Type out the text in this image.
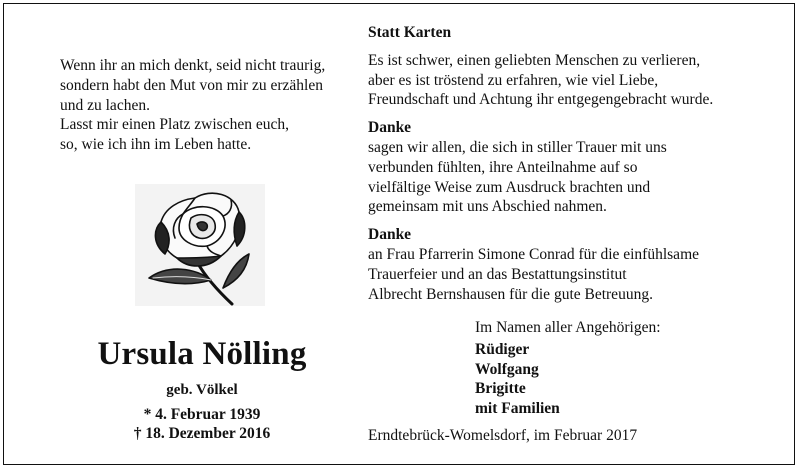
Wenn ihr an mich denkt, seid nicht traurig,
sondern habt den Mut von mir zu erzählen
und zu lachen.
Lasst mir einen Platz zwischen euch,
so, wie ich ihn im Leben hatte.
Ursula Nölling
geb. Völkel
* 4. Februar 1939
† 18. Dezember 2016
Statt Karten
Es ist schwer, einen geliebten Menschen zu verlieren,
aber es ist tröstend zu erfahren, wie viel Liebe,
Freundschaft und Achtung ihr entgegengebracht wurde.
Danke
sagen wir allen, die sich in stiller Trauer mit uns
verbunden fühlten, ihre Anteilnahme auf so
vielfältige Weise zum Ausdruck brachten und
gemeinsam mit uns Abschied nahmen.
Danke
an Frau Pfarrerin Simone Conrad für die einfühlsame
Trauerfeier und an das Bestattungsinstitut
Albrecht Bernshausen für die gute Betreuung.
Im Namen aller Angehörigen:
Rüdiger
Wolfgang
Brigitte
mit Familien
Erndtebrück-Womelsdorf, im Februar 2017
